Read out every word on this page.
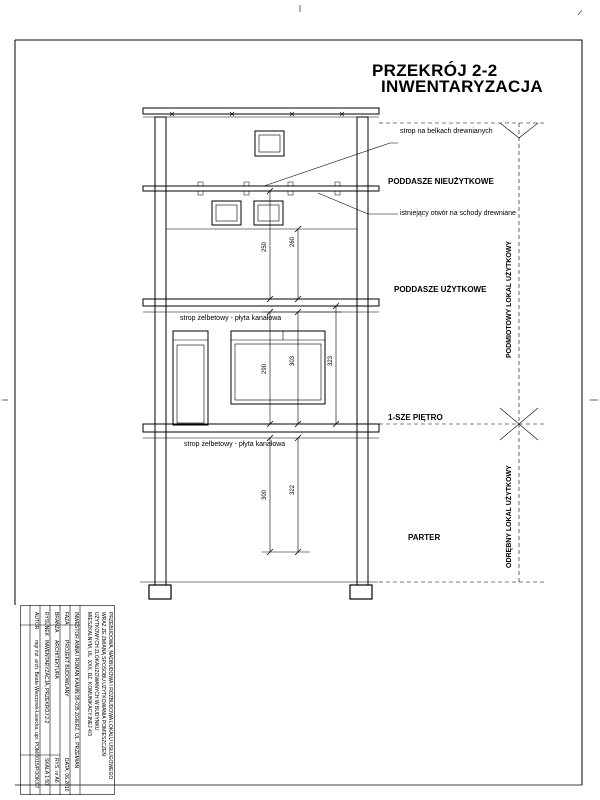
PRZEKRÓJ 2-2
INWENTARYZACJA
PODDASZE NIEUŻYTKOWE
PODDASZE UŻYTKOWE
1-SZE PIĘTRO
PARTER
strop na belkach drewnianych
istniejący otwór na schody drewniane
strop żelbetowy - płyta kanałowa
strop żelbetowy - płyta kanałowa
PODMIOTOWY LOKAL UŻYTKOWY
ODRĘBNY LOKAL UŻYTKOWY
250	260
290
303	323
300	322
PRZEBUDOWA, NADBUDOWA I ROZBUDOWA LOKALU USŁUGOWEGO
WRAZ ZE ZMIANĄ SPOSOBU UŻYTKOWANIA POMIESZCZEŃ
UŻYTKOWYCH ZLOKALIZOWANYCH W BUDYNKU
MIESZKALNYM, UL. XXX, DZ. KOMUNIKACYJNEJ 4/3
INWESTOR
ANNA I ROMAN KAMIŃ 95-035 ZGIERZ, UL. PRZEMIAN
FAZA
PROJEKT BUDOWLANY
DATA: 06.2010
BRANŻA
ARCHITEKTURA
RYS. nr A6
RYSUNEK
INWENTARYZACJA, PRZEKRÓJ 2-2
SKALA 1:50
AUTOR
mgr inż. arch. Beata Wieczorek-Lisiecka, upr. POM/0015/POOK/07
